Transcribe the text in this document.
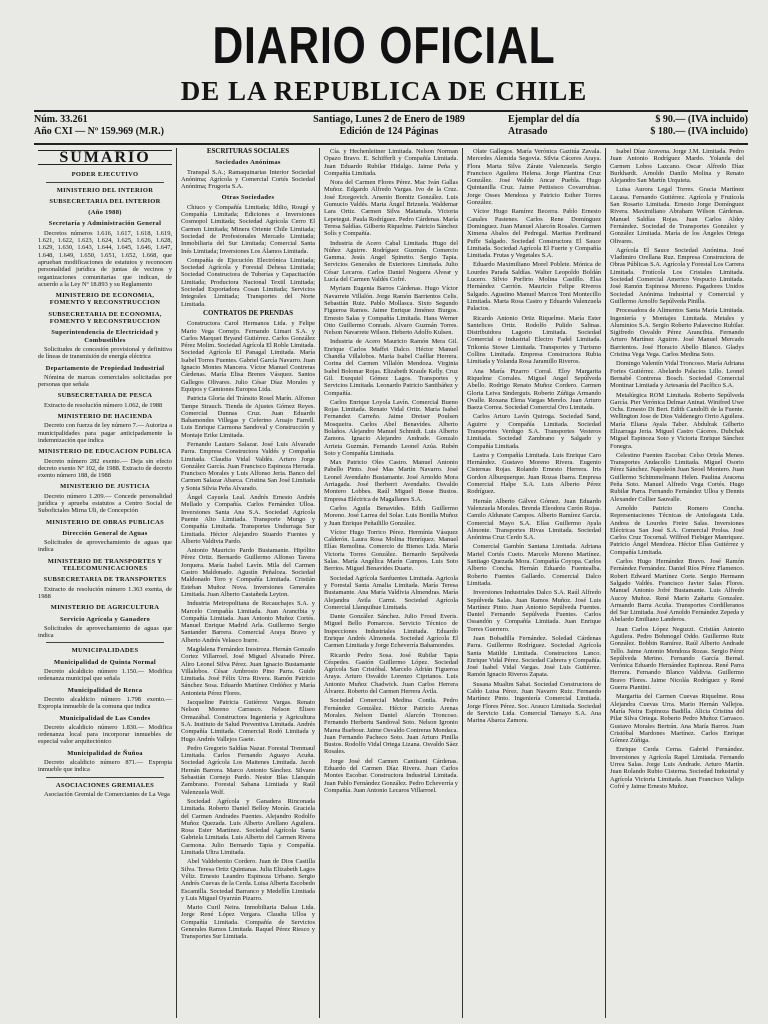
DIARIO OFICIAL
DE LA REPUBLICA DE CHILE
Núm. 33.261
Año CXI — Nº 159.969 (M.R.)
Santiago, Lunes 2 de Enero de 1989
Edición de 124 Páginas
Ejemplar del día	$ 90.— (IVA incluido)
Atrasado	$ 180.— (IVA incluido)
SUMARIO
PODER EJECUTIVO
MINISTERIO DEL INTERIOR
SUBSECRETARIA DEL INTERIOR
(Año 1988)
Secretaría y Administración General

Decretos números 1.616, 1.617, 1.618, 1.619, 1.621, 1.622, 1.623, 1.624, 1.625, 1.626, 1.628, 1.629, 1.630, 1.643, 1.644, 1.645, 1.646, 1.647, 1.648, 1.649, 1.650, 1.651, 1.652, 1.668, que aprueban modificaciones de estatutos y reconocen personalidad jurídica de juntas de vecinos y organizaciones comunitarias que indican, de acuerdo a la Ley Nº 18.893 y su Reglamento

MINISTERIO DE ECONOMIA, FOMENTO Y RECONSTRUCCION
SUBSECRETARIA DE ECONOMIA, FOMENTO Y RECONSTRUCCION
Superintendencia de Electricidad y Combustibles

Solicitudes de concesión provisional y definitiva de líneas de transmisión de energía eléctrica

Departamento de Propiedad Industrial

Nómina de marcas comerciales solicitadas por personas que señala

SUBSECRETARIA DE PESCA

Extracto de resolución número 1.062, de 1988

MINISTERIO DE HACIENDA

Decreto con fuerza de ley número 7.— Autoriza a municipalidades para pagar anticipadamente la indemnización que indica

MINISTERIO DE EDUCACION PUBLICA

Decreto número 282 exento.— Deja sin efecto decreto exento Nº 102, de 1988. Extracto de decreto exento número 188, de 1988

MINISTERIO DE JUSTICIA

Decreto número 1.209.— Concede personalidad jurídica y aprueba estatutos a Centro Social de Suboficiales Mirna Uli, de Concepción

MINISTERIO DE OBRAS PUBLICAS
Dirección General de Aguas

Solicitudes de aprovechamiento de aguas que indica

MINISTERIO DE TRANSPORTES Y TELECOMUNICACIONES
SUBSECRETARIA DE TRANSPORTES

Extracto de resolución número 1.363 exenta, de 1988

MINISTERIO DE AGRICULTURA
Servicio Agrícola y Ganadero

Solicitudes de aprovechamiento de aguas que indica

MUNICIPALIDADES
Municipalidad de Quinta Normal

Decreto alcaldicio número 1.150.— Modifica ordenanza municipal que señala

Municipalidad de Renca

Decreto alcaldicio número 1.798 exento.— Expropia inmueble de la comuna que indica

Municipalidad de Las Condes

Decreto alcaldicio número 1.830.— Modifica ordenanza local para incorporar inmuebles de especial valor arquitectónico

Municipalidad de Ñuñoa

Decreto alcaldicio número 871.— Expropia inmueble que indica

ASOCIACIONES GREMIALES

Asociación Gremial de Comerciantes de La Vega

ESCRITURAS SOCIALES
Sociedades Anónimas

Transpal S.A.; Ramaquinarias Interior Sociedad Anónima; Agrícola y Comercial Cortés Sociedad Anónima; Frugoria S.A.

Otras Sociedades

Chiuco y Compañía Limitada; Idilio, Rougé y Compañía Limitada; Ediciones e Inversiones Cosmopol Limitada; Sociedad Agrícola Cerro El Carmen Limitada; Minera Oriente Chile Limitada; Sociedad de Profesionales Mercado Limitada; Inmobiliaria del Sur Limitada; Comercial Santa Inés Limitada; Inversiones Los Álamos Limitada.

Compañía de Ejecución Electrónica Limitada; Sociedad Agrícola y Forestal Dehesa Limitada; Sociedad Constructora de Tuberías y Capacitación Limitada; Productora Nacional Textil Limitada; Sociedad Exportadora Cosan Limitada; Servicios Integrales Limitada; Transportes del Norte Limitada.

CONTRATOS DE PRENDAS

Constructora Carol Hermanos Ltda. y Felipe Mario Vega Cornejo. Fernando Limari S.A. y Carlos Marquet Bryand Gutiérrez. Carlos González Pérez Molim. Sociedad Agrícola El Roble Limitada. Sociedad Agrícola El Panagal Limitada. María Isabel Torres Fuentes. Gabriel García Navarro. Juan Ignacio Montes Mancera. Víctor Manuel Contreras Cárdenas. María Elisa Brenes Vásquez. Santos Gallegos Olivares. Julio César Díaz Morales y Equipos y Camiones Europea Ltda.

Patricia Gloria del Tránsito Rosel Marín. Alfonso Tampe Strauch. Tienda de Ajustes Gómez Reyes. Comercial Dunnas Cruz. Juan Eduardo Bahamondes Villegas y Ceferino Aruajo Farrell. Luis Enrique Carmona Sandoval y Construcción y Montaje Erike Limitada.

Fernando Lautaro Salazar. José Luis Alvarado Parra. Empresa Constructora Valdés y Compañía Limitada. Claudia Vidal Valdés. Arturo Jorge González García. Juan Francisco Espinoza Herrada. Francisco Morales y Luis Alfonso Jeria. Banco del Carmen Salazar Abarca. Cristina San José Limitada y Sonia Silvia Peña Alvarado.

Ángel Cayuela Leal. Andrés Ernesto Andrés Mellado y Compañía. Carlos Fernández Ulloa. Inversiones Santa Ana S.A. Sociedad Agrícola Puente Alto Limitada. Transporte Mungo y Compañía Limitada. Transportes Undurraga Sur Limitada. Héctor Alejandro Stuardo Fuentes y Alberto Valdivia Pardo.

Antonio Mauricio Pardo Bustamante. Hipólito Pérez Ortiz. Bernardo Guillermo Alfonso Tavera Jorquera. María Isabel Lavín. Mila del Carmen Castro Maldonado. Agustín Peñaloza. Sociedad Maldonado Toro y Compañía Limitada. Cristián Esteban Muñoz Nova. Inversiones Generales Limitada. Juan Alberto Castañeda Leyton.

Industria Metropolitana de Recauchajes S.A. y Marcelo Compañía Limitada. Juan Arancibia y Compañía Limitada. Juan Antonio Muñoz Cortés. Manuel Enrique Madrid Arla. Guillermo Sergio Santander Barrera. Comercial Araya Bravo y Alberto Andrés Velasco Irarre.

Magdalena Fernández Inostroza. Hernán Gonzalo Cortez Villarroel. José Miguel Alvarado Pérez. Aliro Leonel Silva Pérez. Juan Ignacio Bustamante Villalobos. César Ambrosio Pino Parra. Guido Limitada. José Félix Urra Rivera. Ramón Patricio Sánchez Sosa. Eduardo Martínez Ordóñez y María Antonieta Pérez Flores.

Jacqueline Patricia Gutiérrez Vargas. Renato Nelson Moreno Carrasco. Nelson Eliseo Ormazábal. Constructora Ingeniería y Agricultura S.A. Instituto de Salud Preventiva Limitada. Andrés Compañía Limitada. Comercial Rodó Limitada y Hugo Andrés Vallejos Gaete.

Pedro Gregorio Saldías Nazar. Forestal Trenmaul Limitada. Carlos Fernando Aguayo Acuña. Sociedad Agrícola Los Maitenes Limitada. Jacob Hernán Barrera. Marco Antonio Sánchez. Silvano Sebastián Cornejo Pardo. Nestor Blas Llanquín Zambrano. Forestal Sabana Limitada y Raúl Valenzuela Wolf.

Sociedad Agrícola y Ganadera Rinconada Limitada. Roberto Daniel Belloy Morán. Graciela del Carmen Andrades Fuentes. Alejandro Rodolfo Muñoz Quezada. Luis Alberto Arellano Aguilera. Rosa Ester Martínez. Sociedad Agrícola Santa Gabriela Limitada. Luis Alberto del Carmen Rivera Carmona. Julio Bernardo Tapia y Compañía. Limitada Ultra Limitada.

Abel Valdebenito Cordero. Juan de Dios Castilla Silva. Teresa Ortiz Quintanas. Julia Elizabeth Lagos Véliz. Ernesto Leandro Espinoza Urbano. Sergio Andrés Cuevas de la Cerda. Luisa Alberta Escobedo Escamilla. Sociedad Barranco y Medellín Limitada y Luis Miguel Oyarzún Pizarro.

Mario Curil Neira. Inmobiliaria Balsas Ltda. Jorge René López Vergara. Claudia Ulloa y Compañía Limitada. Compañía de Servicios Generales Ramos Limitada. Raquel Pérez Riesco y Transportes Sur Limitada.

Cía. y Hechenleitner Limitada. Nelson Norman Opazo Bravo. E. Schifferli y Compañía Limitada. Juan Eduardo Rubilar Hidalgo. Jaime Peña y Compañía Limitada.

Nora del Carmen Flores Pérez. Mac Iván Gallas Muñoz. Edgardo Alfredo Vargas. Ivo de la Cruz. José Ercegovich. Arsenio Bomitz González. Luis Gumucio Valdés. Marta Ángel Brizuela. Waldemar Lara Ortiz. Carmen Silva Matamala. Victoria Lepetegui. Paula Rodríguez. Pedro Cárdenas. María Teresa Saldías. Gilberto Riquelme. Patricio Sánchez Solís y Compañía.

Industria de Acero Cabal Limitada. Hugo del Núñez Aguirre. Rodríguez Guzmán. Comercio Gamma. Jesús Angel Spinetto. Sergio Tapia. Servicios Generales de Exteriores Limitada. Julio César Lecaros. Carlos Daniel Noguera Alvear y Lucía del Carmen Valdés Cofré.

Myriam Eugenia Barros Cárdenas. Hugo Víctor Navarrete Villalón. Jorge Ramón Barrientos Celis. Sebastián Ruiz. Pablo Mollasca. Sixto Segundo Figueroa Ramos. Jaime Enrique Jiménez Burgos. Ernesto Salas y Compañía Limitada. Hans Werner Otto Guillermo Conrads. Alvaro Guzmán Torres. Nelson Navarrete Wilson. Heberto Adolfo Kulsen.

Industria de Acero Mauricio Ramón Mera Gil. Enrique Carlos Maffei Dalco. Héctor Manuel Chandía Villalobos. María Isabel Cuéllar Herrera. Corina del Carmen Villalón Mendoza. Virginia Isabel Bolomar Rojas. Elizabeth Kraule Kelly. Cruz Gil. Exequiel Gómez Lagos. Transportes y Servicios Limitada. Leonardo Patricio Santibáñez y Compañía.

Carlos Enrique Loyola Lavín. Comercial Bueno Rojas Limitada. Renato Vidal Ortiz. María Isabel Fernandez Carreño. Jaime Dreiser Poulsen Mosqueira. Carlos Abel Benavides. Alberto Bolaños. Alejandro Manuel Schmidt. Luis Alberto Zamora. Ignacio Alejandro Andrade. Gonzalo Arrieta Guzmán. Fernando Leonel Azúa. Rubén Soto y Compañía Limitada.

Max Patricio Oles Castro. Manuel Antonio Pabello Pinto. José Mas Martín Navarro. José Leonel Avendaño Bustamante. José Arnoldo Mora Arriagada. José Iberberri Avendaño. Osvaldo Montero Lobbes. Raúl Miguel Bosse Bustos. Empresa Eléctrica de Magallanes S.A.

Carlos Aguila Benavides. Edith Guillermo Moreno. José Larrea del Solar. Luis Bonilla Muñoz y Juan Enrique Peñailillo González.

Víctor Hugo Torrico Pérez. Hermínia Vásquez Calderón. Laura Rosa Molina Henríquez. Manuel Elías Remolina. Comercio de Bienes Ltda. María Victoria Torres González. Bernardo Sepúlveda Salas. María Angélica Marín Campos. Luis Soto Berrios. Miguel Benavides Duarte.

Sociedad Agrícola Sanfuentes Limitada. Agricola y Forestal Santa Amalia Limitada. María Teresa Bustamante. Ana María Valdivia Almendras. María Alejandra Avila Carmi. Sociedad Agrícola Comercial Llanquihue Limitada.

Dante González Sánchez. Julio Froud Everis. Miguel Bello Pomarcos. Servicio Técnico de Inspecciones Industriales Limitada. Eduardo Enrique Andrés Almoneda. Sociedad Agrícola El Carmen Limitada y Jorge Echeverría Bahamondes.

Ricardo Pedro Sosa. José Rubilar Tapia Céspedes. Gastón Guillermo López. Sociedad Agrícola San Cristóbal. Marcelo Adrián Figueroa Araya. Arturo Osvaldo Lorenzo Ciprianos. Luis Antonio Muñoz Chadwick. Juan Carlos Herrera Álvarez. Roberto del Carmen Herrera Ávila.

Sociedad Comercial Medina Contla. Pedro Fernández González. Héctor Patricio Arenas Morales. Nelson Daniel Alarcón Troncoso. Fernando Herbertu Sandoval Soto. Nelson Igronio Marea Ibarbour. Jaime Osvaldo Contreras Mondaca. Juan Fernando Pacheco Soto. Juan Arturo Pinilla Bustos. Rodolfo Vidal Ortega Lizana. Osvaldo Sáez Rosales.

Jorge José del Carmen Cantisani Cárdenas. Eduardo del Carmen Díaz Rivera. Juan Carlos Montes Escobar. Constructora Industrial Limitada. Juan Pablo Fernández González. Pedro Echeverría y Compañía. Juan Antonio Lecaros Villarroel.

Olate Gallegos. María Verónica Gazitúa Zavala. Mercedes Alemida Segovia. Silvia Cáceres Araya. Flora Marta Silva Zárate Valenzuela. Sergio Francisco Aguilera Helena. Jorge Plantina Cruz González. José Waldo Ancar Puebla. Hugo Quintanilla Cruz. Jaime Pettisisco Covarrubias. Jorge Osses Mendoza y Patricio Esther Torres González.

Víctor Hugo Ramírez Becerra. Pablo Ernesto Canales Pastenes. Carlos Rene Domínguez Dominguez. Juan Manuel Alarcón Rosales. Carmen Ximena Abalos del Pedregal. Maritas Ferdinand Puffe Salgado. Sociedad Constructora El Sauce Limitada. Sociedad Agrícola El Fuerte y Compañía Limitada. Frutas y Vegetales S.A.

Eduardo Maximiliano Morel Poblete. Mónica de Lourdes Parada Saldías. Walter Leopoldo Boldán Lucero. Silvio Porfirio Molina Castillo. Elsa Hernández Carrión. Mauricio Felipe Riveros Salgado. Agustino Manuel Marcos Toni Montecillo Limitada. Marta Rosa Castro y Eduardo Valenzuela Palacios.

Ricardo Antonio Ortiz Riquelme. María Ester Santelices Ortiz. Rodolfo Pulido Salinas. Distribuidora Lagorio Limitada. Sociedad Comercial e Industrial Electro Fadel Limitada. Trikonia Stowe Limitada. Transportes y Turismo Collins Limitada. Empresa Constructora Rubia Limitada y Yolanda Rosa Jaramillo Riveros.

Ana María Pizarro Corral. Eloy Margarita Riquelme Corrales. Miguel Angel Sepúlveda Abello. Rodrigo Renato Muñoz Cordero. Carmen Gloria Leiva Sinderguis. Roberto Zúñiga Armando Ovalle. Roxana Elena Vargas Merelo. Juan Arturo Baeza Correa. Sociedad Comercial Oro Limitada.

Carlos Arturo Lavín Quiroga. Sociedad Sand, Aguirre y Compañía Limitada. Sociedad Transportes Verdugo S.A. Transportes Vesteros Limitada. Sociedad Zambrano y Salgado y Compañía Limitada.

Lastra y Compañía Limitada. Luis Enrique Caro Hernández. Gustavo Moreno Rivera. Eugenio Cisternas Rojas. Rolando Ernesto Herrera. Iris Gordon Alburquerque. Juan Rozas Ibarra. Empresa Comercial Halpe S.A. Luis Alberto Pérez Rodríguez.

Hernán Alberto Gálvez Gómez. Juan Eduardo Valenzuela Morales. Brenda Eleodora Cerón Rojas. Camilo Aldunate Campos. Alberto Ramírez García. Comercial Mayo S.A. Elías Guillermo Ayala Almonte. Transportes Rivas Limitada. Sociedad Anónima Cruz Cerdo S.A.

Comercial Gambín Santana Limitada. Adriana Mariel Cortés Cueto. Marcelo Moreno Martínez. Santiago Quezada Mora. Compañía Coyopa. Carlos Alberto Concha. Hernán Eduardo Fuentealba. Roberto Fuentes Gallardo. Comercial Dalco Limitada.

Inversiones Industriales Dalco S.A. Raúl Alfredo Sepúlveda Salas. Juan Ramos Muñoz. José Luis Martínez Pinto. Juan Antonio Sepúlveda Fuentes. Daniel Fernando Sepúlveda Fuentes. Carlos Ossandón y Compañía Limitada. Juan Enrique Torres Guerrero.

Juan Bobadilla Fernández. Soledad Cárdenas Parra. Guillermo Rodríguez. Sociedad Agrícola Santa Matilde Limitada. Constructora Lanco. Enrique Vidal Pérez. Sociedad Cabrera y Compañía. José Isabel Vidal Vargas. José Luis Gutiérrez. Ramón Ignacio Riveros Zapata.

Susana Mualim Sabat. Sociedad Constructora de Caldo Luisa Pérez. Juan Navarro Ruiz. Fernando Martínez Pinto. Ingeniería Comercial Limitada. Jorge Flores Pérez. Soc. Arauco Limitada. Sociedad de Servicio Ltda. Comercial Tamayo S.A. Ana Marina Abarca Zamora.

Isabel Díaz Aravena. Jorge J.M. Limitada. Pedro Juan Antonio Rodríguez Mardo. Yolanda del Carmen Lobos Lazcano. Oscar Alfredo Díaz Burkhardt. Arnoldo Danilo Molina y Renato Alejandro San Martín Urquieta.

Luisa Aurora Legal Torres. Gracia Martínez Lacasa. Fernando Gutiérrez. Agrícola y Frutícola San Rosario Limitada. Ernesto Jorge Domínguez Rivera. Maximiliano Abraham Wilson Cárdenas. Manuel Saldías Rojas. Juan Carlos Aldey Fernández. Sociedad de Transportes González y González Limitada. María de los Ángeles Ortega Olivares.

Agrícola El Sauce Sociedad Anónima. José Vladimiro Orellana Ruz. Empresa Constructora de Obras Públicas S.A. Agrícola y Forestal Los Carrera Limitada. Frutícola Los Cristales Limitada. Sociedad Comercial Americo Vespucio Limitada. José Ramón Espinosa Moreno. Pagadores Unidos Sociedad Anónima Industrial y Comercial y Guillermo Arnolfo Sepúlveda Pinilla.

Procesadora de Alimentos Santa María Limitada. Ingeniería y Montajes Limitada. Metales y Aluminios S.A. Sergio Roberto Palavecino Rubilar. Sigifredo Osvaldo Pérez Arancibia. Fernando Arturo Martínez Aguirre. José Manuel Mercado Barrientos. José Horacio Abello Blanco. Gladys Cristina Vega Vega. Carlos Medina Soto.

Domingo Valentín Vidal Troncoso. María Adriana Fortes Gutiérrez. Abelardo Palacios Lillo. Leonel Bernabé Contreras Bosch. Sociedad Comercial Montinar Limitada y Artesanía del Pacífico S.A.

Metalúrgica ROM Limitada. Roberto Sepúlveda García. Pier Verónica Delmar Aninat. Winifred Uwe Ochs. Ernesto Di Bert. Edith Candolfi de la Fuente. Wellington Jose de Dios Valdenegro Orrio Aguilera. María Eliana Ayala Taber. Abdulrak Gilberto Elizarraga Jeria. Miguel Castro Cáceres. Dubchak Miguel Espinoza Soto y Victoria Enrique Sánchez Fonegra.

Celestino Fuentes Escobar. Celso Ortola Menes. Transportes Andacollo Limitada. Miguel Osorio Pérez Sánchez. Napoleón Juan Seoel Montero. Juan Guillermo Schimmelmann Helen. Paulina Aracena Peña Soto. Manuel Alfredo Vega Cortés. Hugo Rubilar Parra. Fernando Fernández Ulloa y Dennis Alexander Collier Sauvalle.

Arnoldo Patricio Romero Concha. Representaciones Técnicas de Antofagasta Ltda. Andrea de Lourdes Freire Salas. Inversiones Eléctricas San José S.A. Comercial Prolsa. José Carlos Cruz Tocornal. Wilfred Fiebiger Manriquez. Patricio Ángel Mendoza. Héctor Elías Gutiérrez y Compañía Limitada.

Carlos Hugo Hernández Bravo. José Ramón Fernández Fernández. Daniel Ríos Pérez Flamenco. Robert Edward Martínez Corte. Sergio Hermann Salgado Valdés. Francisco Javier Salas Flores. Manuel Antonio Jofré Bustamante. Luis Alfredo Aucoy Muñoz. René Mario Zañartu Gonzalez. Armando Barra Acuña. Transportes Cordilleranos del Sur Limitada. José Arnoldo Fernández Zepeda y Abelardo Emiliano Landeros.

Juan Carlos López Neguzzi. Cristián Antonio Aguilera. Pedro Bohmogel Oddo. Guillermo Ruiz González. Bobbin Ramírez. Raúl Alberto Andrade Tello. Jaime Antonio Mendoza Rozas. Sergio Pérez Sepúlveda Merino. Fernando García Bernal. Verónica Eduardo Hernández Espinoza. René Parra Herrera. Fernando Blanco Valdivia. Guillermo Bravo Flores. Jaime Nicolás Rodríguez y René Guerra Piantini.

Margarita del Carmen Cuevas Riquelme. Rosa Alejandra Cuevas Urra. Mario Hernán Vallejos. María Neira Espinoza Badilla. Alicia Cristina del Pilar Silva Ortega. Roberto Pedro Muñoz Carrasco. Gustavo Morales Bertrán. Ana María Barros. Juan Cristóbal Mardones Martínez. Carlos Enrique Gómez Zúñiga.

Enrique Cerda Cerna. Gabriel Fernández. Inversiones y Agrícola Rapel Limitada. Fernando Urrea Salas. Jorge Luis Andrade. Arturo Martín. Juan Rolando Rubio Cisterna. Sociedad Industrial y Agrícola Victoria Limitada. Juan Francisco Vallejo Cofré y Jaime Ernesto Muñoz.
